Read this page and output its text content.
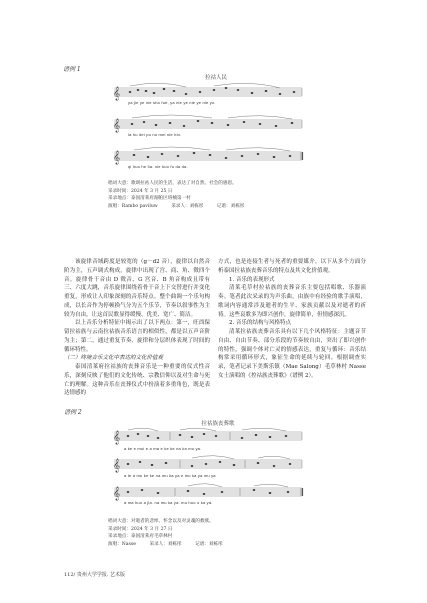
谱例 1
拉祜人民
𝄞
𝄞
𝄞
ya jie ye nie sho fue, ya nie ye nie ye nie yo.
la hu dei pu nu mei nie hin.
qi huo he lia. nie kuo fu da da.
唱词大意：歌颂拉祜人民的生活，表达了对自然、社会的感恩。
采录时间：2024 年 3 月 25 日
采录地点：泰国清莱府湄帕区班楠第一村
演唱：Rambo paviluw	采录人：刘栋彤	记谱：刘栋彤

该旋律音域跨度是较宽的（g－d2 音），旋律以自然音阶为主，五声调式构成，旋律中出现了宫、商、角、徵四个音。旋律骨干音由 D 徵音、G 宫音、B 角音构成且带有三、六度大跳，音乐旋律围绕着骨干音上下交替进行并变化重复，形成让人印象深刻的音乐特点。整个曲调一个乐句构成，以长音作为停顿换气分为五个乐节，节奏以叙事性为主较为自由，让这首民歌显得缓慢、优美、宽广、简洁。

以上音乐分析特征中揭示出了以下两点：第一，旺酉保留拉祜族与云南拉祜族音乐语言的相似性，都是以五声音阶为主；第二，通过重复节奏、旋律和分层织体表现了时间的循环特性。

（二）终境音乐文化中表达的文化价值观

泰国清莱府拉祜族的丧葬音乐是一种重要的仪式性音乐，深刻反映了他们的文化传统、宗教信仰以及对生命与死亡的理解。这种音乐在丧葬仪式中扮演着多重角色，既是表达情感的

方式，也是连接生者与死者的重要媒介。以下从多个方面分析泰国拉祜族丧葬音乐的特点及其文化价值观。

1. 音乐的表现形式

清莱毛草村拉祜族的丧葬音乐主要包括唱歌、乐器演奏。笔者此次采录的为声乐曲，由族中有经验的歌手演唱，歌词内容通常涉及逝者的生平、家族贡献以及对逝者的祈祷。这些哀歌多为即兴创作，旋律简单，但情感深沉。

2. 音乐的结构与风格特点

清莱拉祜族丧葬音乐具有以下几个风格特征：主题音节自由、自由节奏、部分乐段的节奏较自由，突出了即兴创作的特性，强调个体对亡灵的情感表达，重复与循环：音乐结构常采用循环形式，象征生命的延续与轮回。根据调查实录，笔者记录下美斯乐镇（Mae Salong）毛草林村 Nasse 女士演唱的《控祜族丧葬歌》（谱例 2）。

谱例 2
拉祜族丧葬歌
𝄞
𝄞
𝄞
a ke e mui e a ma e ke ke na ka mu ya.
a te a mu ke ke na mu ka ya e mu ka ya mu ya
a ma huo a jia. na mu ka ya. mu huo o ka ya.
唱词大意：对逝者的悲悼，怀念以及对灵魂的救赎。
采录时间：2024 年 3 月 27 日
采录地点：泰国清莱府毛草林村
演唱：Nasse	采录人：刘栋彤	记谱：刘栋彤
112/ 贵州大学学报. 艺术版
